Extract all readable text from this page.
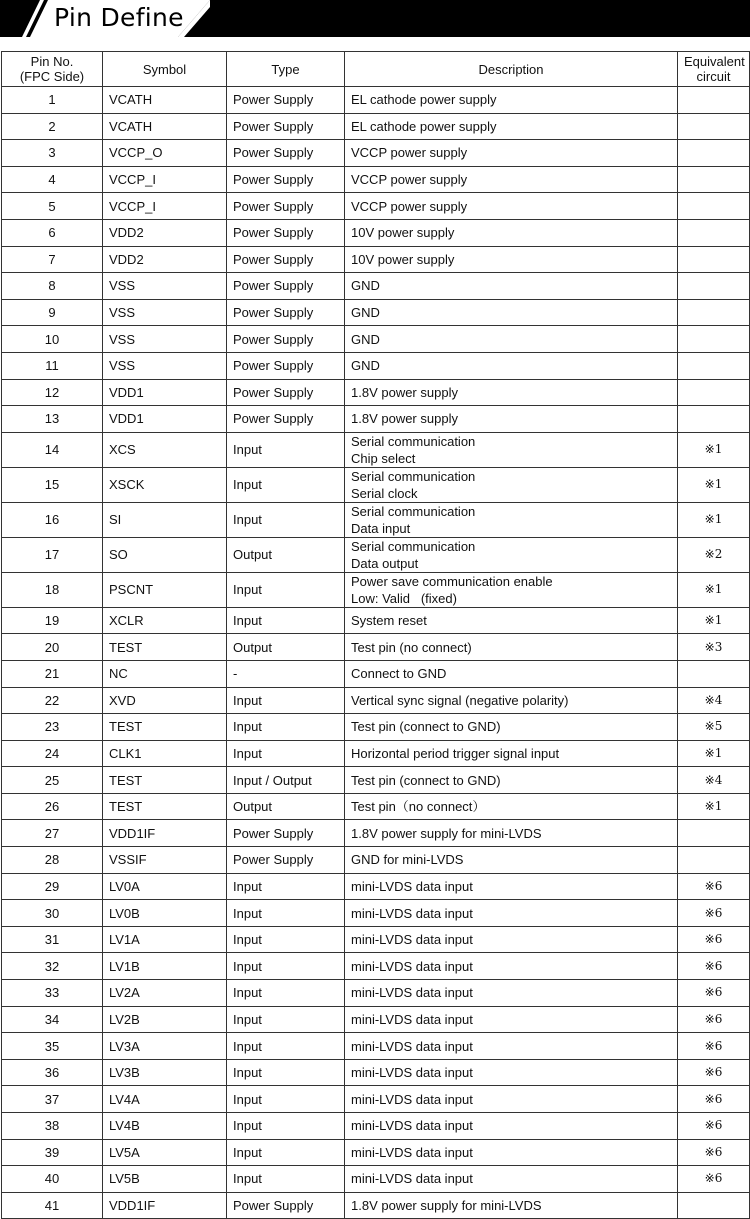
Pin Define
Pin No.
(FPC Side)	Symbol	Type	Description	Equivalent
circuit
1	VCATH	Power Supply	EL cathode power supply	

2	VCATH	Power Supply	EL cathode power supply	

3	VCCP_O	Power Supply	VCCP power supply	

4	VCCP_I	Power Supply	VCCP power supply	

5	VCCP_I	Power Supply	VCCP power supply	

6	VDD2	Power Supply	10V power supply	

7	VDD2	Power Supply	10V power supply	

8	VSS	Power Supply	GND	

9	VSS	Power Supply	GND	

10	VSS	Power Supply	GND	

11	VSS	Power Supply	GND	

12	VDD1	Power Supply	1.8V power supply	

13	VDD1	Power Supply	1.8V power supply	

14	XCS	Input	Serial communication
Chip select	※1
15	XSCK	Input	Serial communication
Serial clock	※1
16	SI	Input	Serial communication
Data input	※1
17	SO	Output	Serial communication
Data output	※2
18	PSCNT	Input	Power save communication enable
Low: Valid   (fixed)	※1
19	XCLR	Input	System reset	※1
20	TEST	Output	Test pin (no connect)	※3
21	NC	-	Connect to GND	

22	XVD	Input	Vertical sync signal (negative polarity)	※4
23	TEST	Input	Test pin (connect to GND)	※5
24	CLK1	Input	Horizontal period trigger signal input	※1
25	TEST	Input / Output	Test pin (connect to GND)	※4
26	TEST	Output	Test pin（no connect）	※1
27	VDD1IF	Power Supply	1.8V power supply for mini-LVDS	

28	VSSIF	Power Supply	GND for mini-LVDS	

29	LV0A	Input	mini-LVDS data input	※6
30	LV0B	Input	mini-LVDS data input	※6
31	LV1A	Input	mini-LVDS data input	※6
32	LV1B	Input	mini-LVDS data input	※6
33	LV2A	Input	mini-LVDS data input	※6
34	LV2B	Input	mini-LVDS data input	※6
35	LV3A	Input	mini-LVDS data input	※6
36	LV3B	Input	mini-LVDS data input	※6
37	LV4A	Input	mini-LVDS data input	※6
38	LV4B	Input	mini-LVDS data input	※6
39	LV5A	Input	mini-LVDS data input	※6
40	LV5B	Input	mini-LVDS data input	※6
41	VDD1IF	Power Supply	1.8V power supply for mini-LVDS	
